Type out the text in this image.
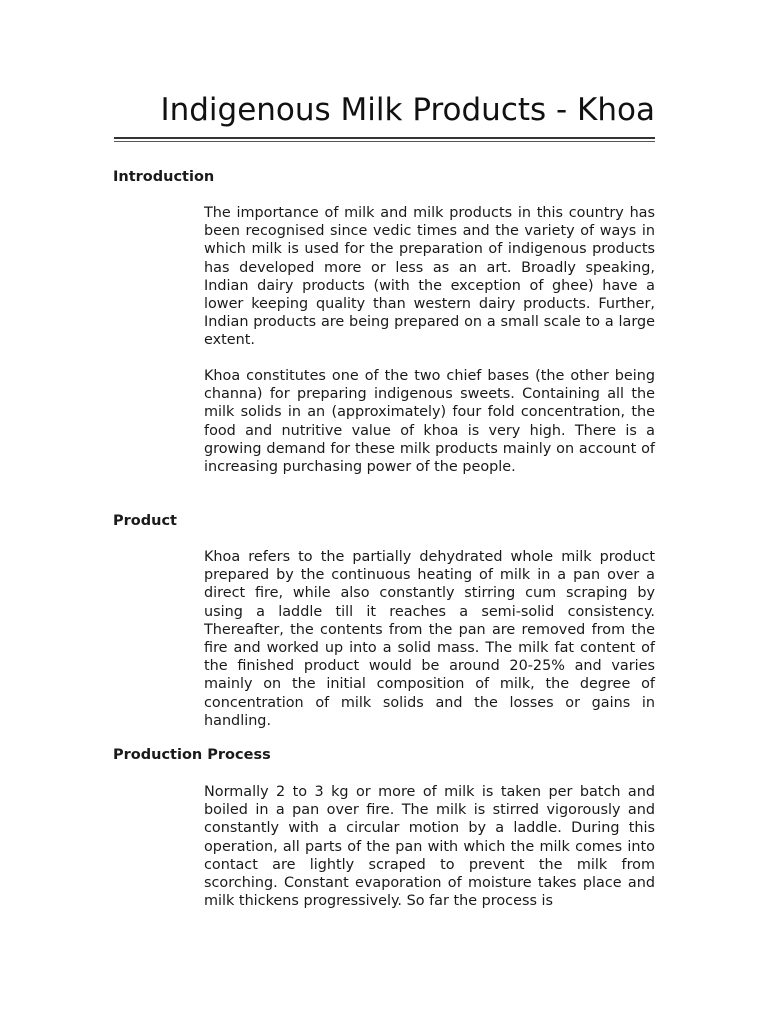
Indigenous Milk Products - Khoa
Introduction

The importance of milk and milk products in this country has been recognised since vedic times and the variety of ways in which milk is used for the preparation of indigenous products has developed more or less as an art. Broadly speaking, Indian dairy products (with the exception of ghee) have a lower keeping quality than western dairy products. Further, Indian products are being prepared on a small scale to a large extent.

Khoa constitutes one of the two chief bases (the other being channa) for preparing indigenous sweets. Containing all the milk solids in an (approximately) four fold concentration, the food and nutritive value of khoa is very high. There is a growing demand for these milk products mainly on account of increasing purchasing power of the people.

Product

Khoa refers to the partially dehydrated whole milk product prepared by the continuous heating of milk in a pan over a direct fire, while also constantly stirring cum scraping by using a laddle till it reaches a semi-solid consistency. Thereafter, the contents from the pan are removed from the fire and worked up into a solid mass. The milk fat content of the finished product would be around 20-25% and varies mainly on the initial composition of milk, the degree of concentration of milk solids and the losses or gains in handling.

Production Process

Normally 2 to 3 kg or more of milk is taken per batch and boiled in a pan over fire. The milk is stirred vigorously and constantly with a circular motion by a laddle. During this operation, all parts of the pan with which the milk comes into contact are lightly scraped to prevent the milk from scorching. Constant evaporation of moisture takes place and milk thickens progressively. So far the process is
